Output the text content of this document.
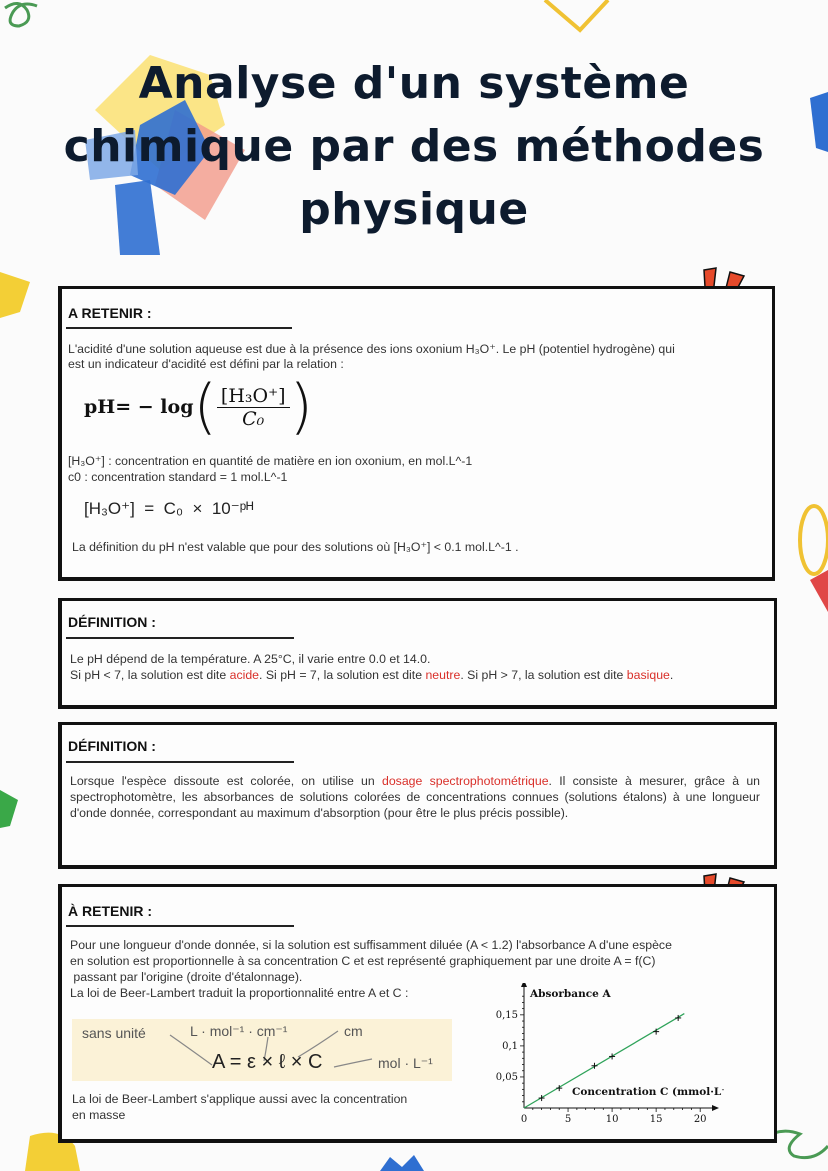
Analyse d'un système
chimique par des méthodes
physique
A RETENIR :
L'acidité d'une solution aqueuse est due à la présence des ions oxonium H₃O⁺. Le pH (potentiel hydrogène) qui
est un indicateur d'acidité est défini par la relation :
$pH= - \log( \frac{\text{[H₃O⁺]}}{\text{C₀}}$ )
[H₃O⁺] : concentration en quantité de matière en ion oxonium, en mol.L^-1
c0 : concentration standard = 1 mol.L^-1
[H₃O⁺]  =  C₀  ×  10⁻ᵖᴴ
La définition du pH n'est valable que pour des solutions où [H₃O⁺] < 0.1 mol.L^-1 .
DÉFINITION :
Le pH dépend de la température. A 25°C, il varie entre 0.0 et 14.0.
Si pH < 7, la solution est dite acide. Si pH = 7, la solution est dite neutre. Si pH > 7, la solution est dite basique.
DÉFINITION :
Lorsque l'espèce dissoute est colorée, on utilise un dosage spectrophotométrique. Il consiste à mesurer, grâce à un spectrophotomètre, les absorbances de solutions colorées de concentrations connues (solutions étalons) à une longueur d'onde donnée, correspondant au maximum d'absorption (pour être le plus précis possible).
À RETENIR :
Pour une longueur d'onde donnée, si la solution est suffisamment diluée (A < 1.2) l'absorbance A d'une espèce
en solution est proportionnelle à sa concentration C et est représenté graphiquement par une droite A = f(C)
passant par l'origine (droite d'étalonnage).
La loi de Beer-Lambert traduit la proportionnalité entre A et C :
sans unité	L · mol⁻¹ · cm⁻¹	cm
A = ε × ℓ × C	mol · L⁻¹
La loi de Beer-Lambert s'applique aussi avec la concentration
en masse
Absorbance A
Concentration C (mmol·L⁻¹)
0	5	10	15	20
0,05
0,1
0,15
